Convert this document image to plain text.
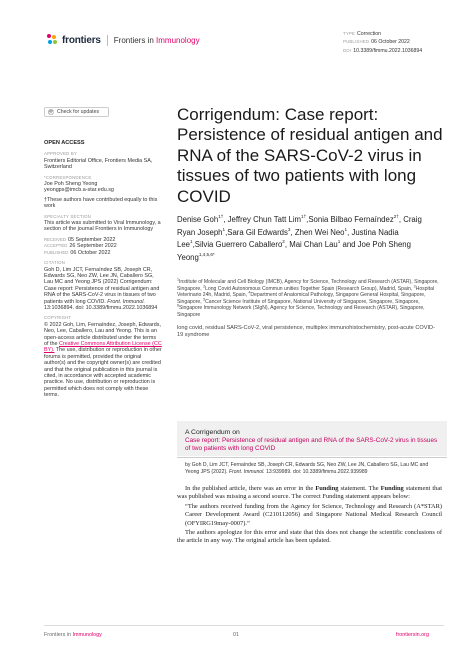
frontiers Frontiers in Immunology
TYPE Correction
PUBLISHED 06 October 2022
DOI 10.3389/fimmu.2022.1036894
Check for updates
OPEN ACCESS
APPROVED BY
Frontiers Editorial Office, Frontiers Media SA, Switzerland
*CORRESPONDENCE
Joe Poh Sheng Yeong
yeongps@imcb.a-star.edu.sg
†These authors have contributed equally to this work
SPECIALTY SECTION
This article was submitted to Viral Immunology, a section of the journal Frontiers in Immunology
RECEIVED 05 September 2022
ACCEPTED 26 September 2022
PUBLISHED 06 October 2022
CITATION
Goh D, Lim JCT, Fernaíndez SB, Joseph CR, Edwards SG, Neo ZW, Lee JN, Caballero SG, Lau MC and Yeong JPS (2022) Corrigendum: Case report: Persistence of residual antigen and RNA of the SARS-CoV-2 virus in tissues of two patients with long COVID. Front. Immunol. 13:1036894. doi: 10.3389/fimmu.2022.1036894
COPYRIGHT
© 2022 Goh, Lim, Fernaíndez, Joseph, Edwards, Neo, Lee, Caballero, Lau and Yeong. This is an open-access article distributed under the terms of the Creative Commons Attribution License (CC BY). The use, distribution or reproduction in other forums is permitted, provided the original author(s) and the copyright owner(s) are credited and that the original publication in this journal is cited, in accordance with accepted academic practice. No use, distribution or reproduction is permitted which does not comply with these terms.
Corrigendum: Case report: Persistence of residual antigen and RNA of the SARS-CoV-2 virus in tissues of two patients with long COVID
Denise Goh$^{1\dagger}$, Jeffrey Chun Tatt Lim$^{1\dagger}$,Sonia Bilbao Fernaíndez$^{2\dagger}$, Craig Ryan Joseph$^1$,Sara Gil Edwards$^3$, Zhen Wei Neo$^1$, Justina Nadia Lee$^1$,Silvia Guerrero Caballero$^2$, Mai Chan Lau$^1$ and Joe Poh Sheng Yeong$^{1,4,5,6*}$
$^1$Institute of Molecular and Cell Biology (IMCB), Agency for Science, Technology and Research (ASTAR), Singapore, Singapore, $^2$Long Covid Autonomous Commun unities Together Spain (Research Group), Madrid, Spain, $^3$Hospital Veterinario 24h, Madrid, Spain, $^4$Department of Anatomical Pathology, Singapore General Hospital, Singapore, Singapore, $^5$Cancer Science Institute of Singapore, National University of Singapore, Singapore, Singapore, $^6$Singapore Immunology Network (SIgN), Agency for Science, Technology and Research (ASTAR), Singapore, Singapore
long covid, residual SARS-CoV-2, viral persistence, multiplex immunohistochemistry, post-acute COVID-19 syndrome
A Corrigendum on
Case report: Persistence of residual antigen and RNA of the SARS-CoV-2 virus in tissues of two patients with long COVID
by Goh D, Lim JCT, Fernaíndez SB, Joseph CR, Edwards SG, Neo ZW, Lee JN, Caballero SG, Lau MC and Yeong JPS (2022). Front. Immunol. 13:939989. doi: 10.3389/fimmu.2022.939989

In the published article, there was an error in the Funding statement. The Funding statement that was published was missing a second source. The correct Funding statement appears below:

“The authors received funding from the Agency for Science, Technology and Research (A*STAR) Career Development Award (C210112056) and Singapore National Medical Research Council (OFYIRG19may-0007).”

The authors apologize for this error and state that this does not change the scientific conclusions of the article in any way. The original article has been updated.

Frontiers in Immunology	01	frontiersin.org
